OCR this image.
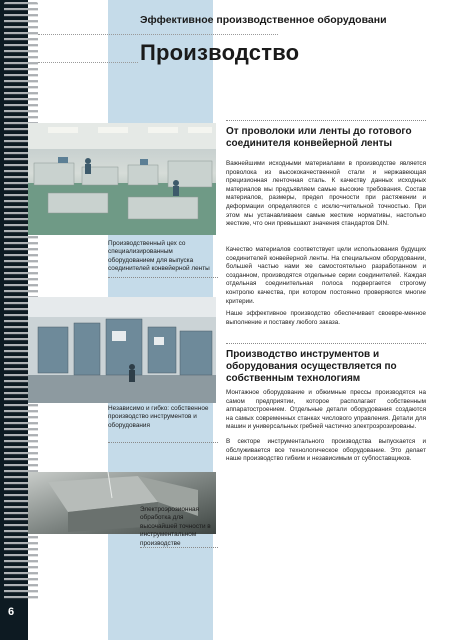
Эффективное производственное оборудовани
Производство
Производственный цех со специализированным оборудованием для выпуска соединителей конвейерной ленты
Независимо и гибко: собственное производство инструментов и оборудования
Электроэрозионная обработка для высочайшей точности в инструментальном производстве
От проволоки или ленты до готового соединителя конвейерной ленты
Важнейшими исходными материалами в производстве является проволока из высококачественной стали и нержавеющая прецизионная ленточная сталь. К качеству данных исходных материалов мы предъявляем самые высокие требования. Состав материалов, размеры, предел прочности при растяжении и деформации определяются с исклю¬чительной точностью. При этом мы устанавливаем самые жесткие нормативы, настолько жесткие, что они превышают значения стандартов DIN.
Качество материалов соответствует цели использования будущих соединителей конвейерной ленты. На специальном оборудовании, большей частью нами же самостоятельно разработанном и созданном, производятся отдельные серии соединителей. Каждая отдельная соединительная полоса подвергается строгому контролю качества, при котором постоянно проверяются многие критерии.
Наше эффективное производство обеспечивает своевре-менное выполнение и поставку любого заказа.
Производство инструментов и оборудования осуществляется по собственным технологиям
Монтажное оборудование и обжимные прессы производятся на самом предприятии, которое располагает собственным аппаратостроением. Отдельные детали оборудования создаются на самых современных станках числового управления. Детали для машин и универсальных гребней частично электроэрозированы.
В секторе инструментального производства выпускается и обслуживается все технологическое оборудование. Это делает наше производство гибким и независимым от субпоставщиков.
6
